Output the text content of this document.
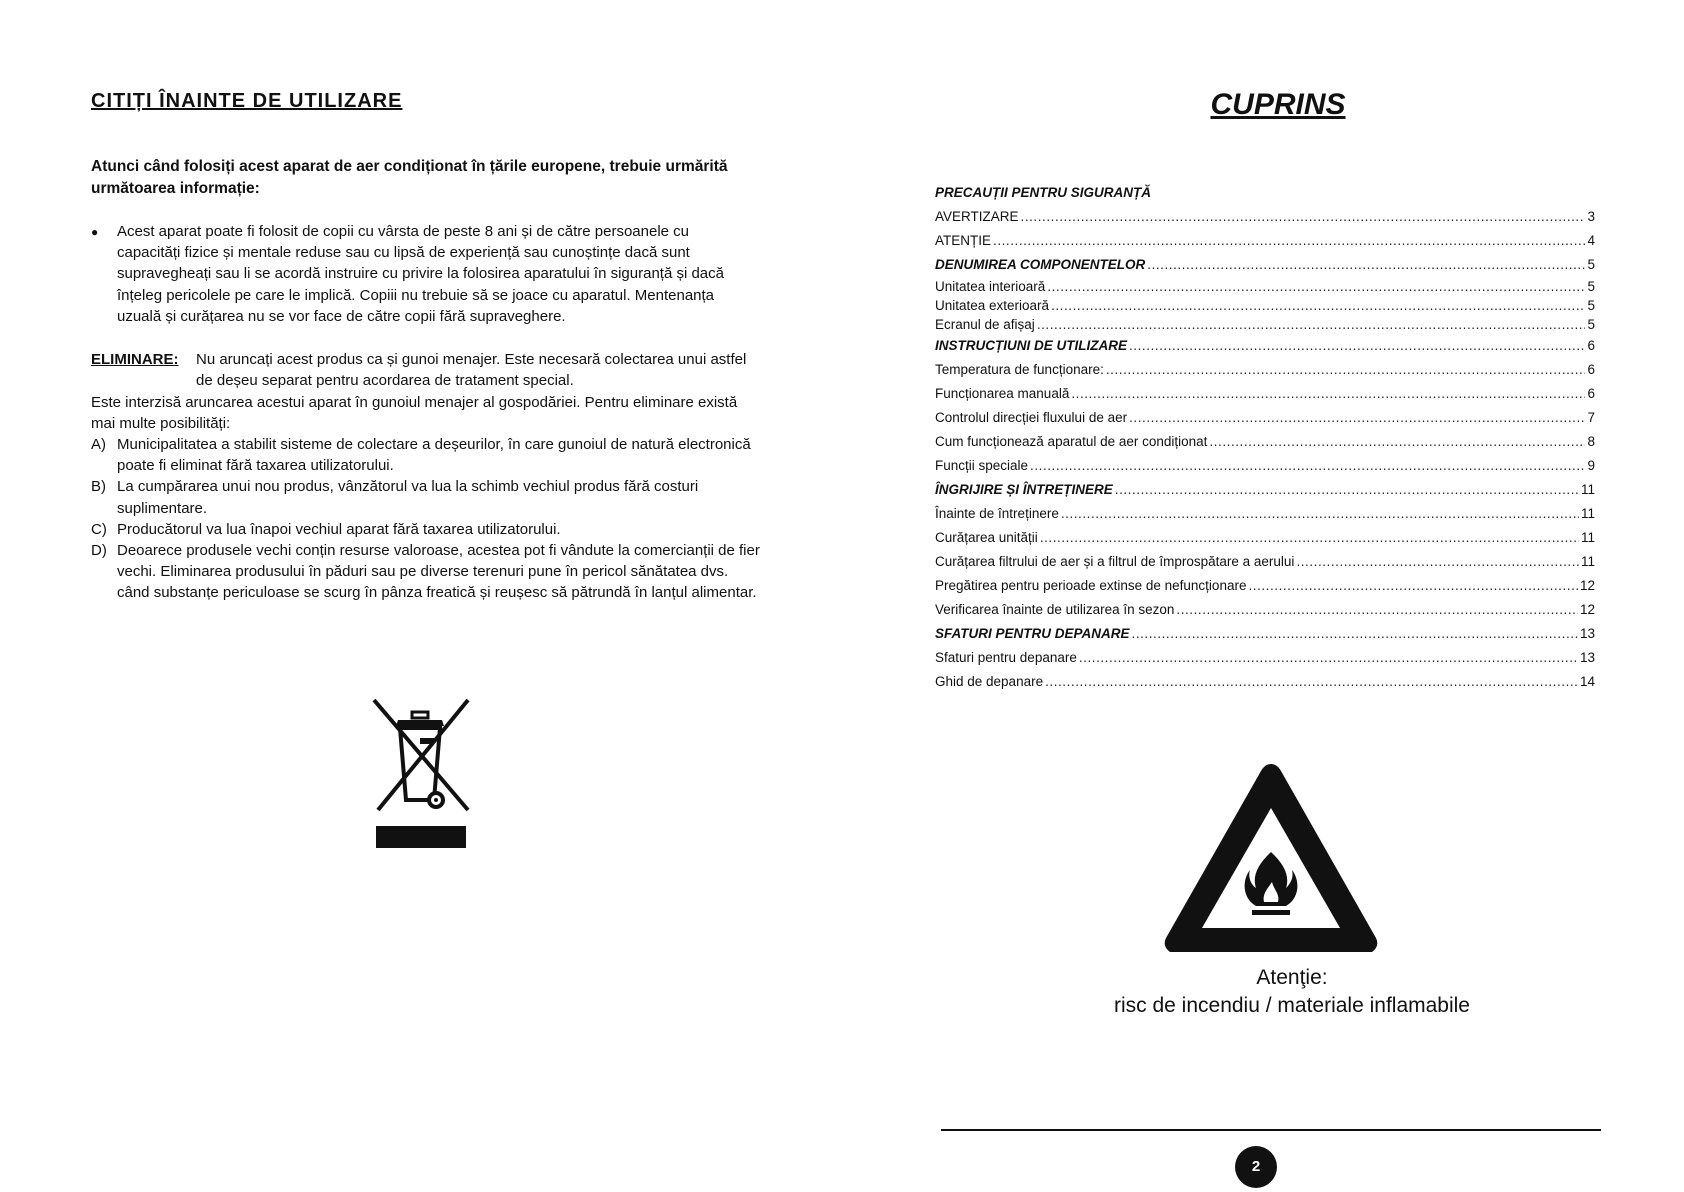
CITIȚI ÎNAINTE DE UTILIZARE

Atunci când folosiți acest aparat de aer condiționat în țările europene, trebuie urmărită următoarea informație:

●	Acest aparat poate fi folosit de copii cu vârsta de peste 8 ani și de către persoanele cu capacități fizice și mentale reduse sau cu lipsă de experiență sau cunoștințe dacă sunt supravegheați sau li se acordă instruire cu privire la folosirea aparatului în siguranță și dacă înțeleg pericolele pe care le implică. Copiii nu trebuie să se joace cu aparatul. Mentenanța uzuală și curățarea nu se vor face de către copii fără supraveghere.
ELIMINARE:	Nu aruncați acest produs ca și gunoi menajer. Este necesară colectarea unui astfel de deșeu separat pentru acordarea de tratament special.
Este interzisă aruncarea acestui aparat în gunoiul menajer al gospodăriei. Pentru eliminare există mai multe posibilități:
A) Municipalitatea a stabilit sisteme de colectare a deșeurilor, în care gunoiul de natură electronică poate fi eliminat fără taxarea utilizatorului.
B) La cumpărarea unui nou produs, vânzătorul va lua la schimb vechiul produs fără costuri suplimentare.
C) Producătorul va lua înapoi vechiul aparat fără taxarea utilizatorului.
D) Deoarece produsele vechi conțin resurse valoroase, acestea pot fi vândute la comercianții de fier vechi. Eliminarea produsului în păduri sau pe diverse terenuri pune în pericol sănătatea dvs. când substanțe periculoase se scurg în pânza freatică și reușesc să pătrundă în lanțul alimentar.
CUPRINS
PRECAUȚII PENTRU SIGURANȚĂ
AVERTIZARE . . .	3
ATENȚIE . . .	4
DENUMIREA COMPONENTELOR . . .	5
Unitatea interioară . . .	5
Unitatea exterioară . . .	5
Ecranul de afișaj . . .	5
INSTRUCȚIUNI DE UTILIZARE . . .	6
Temperatura de funcționare: . . .	6
Funcționarea manuală . . .	6
Controlul direcției fluxului de aer . . .	7
Cum funcționează aparatul de aer condiționat . . .	8
Funcții speciale . . .	9
ÎNGRIJIRE ȘI ÎNTREȚINERE . . .	11
Înainte de întreținere . . .	11
Curățarea unității . . .	11
Curățarea filtrului de aer și a filtrul de împrospătare a aerului . . .	11
Pregătirea pentru perioade extinse de nefuncționare . . .	12
Verificarea înainte de utilizarea în sezon . . .	12
SFATURI PENTRU DEPANARE . . .	13
Sfaturi pentru depanare . . .	13
Ghid de depanare . . .	14
Atenţie:
risc de incendiu / materiale inflamabile
2
